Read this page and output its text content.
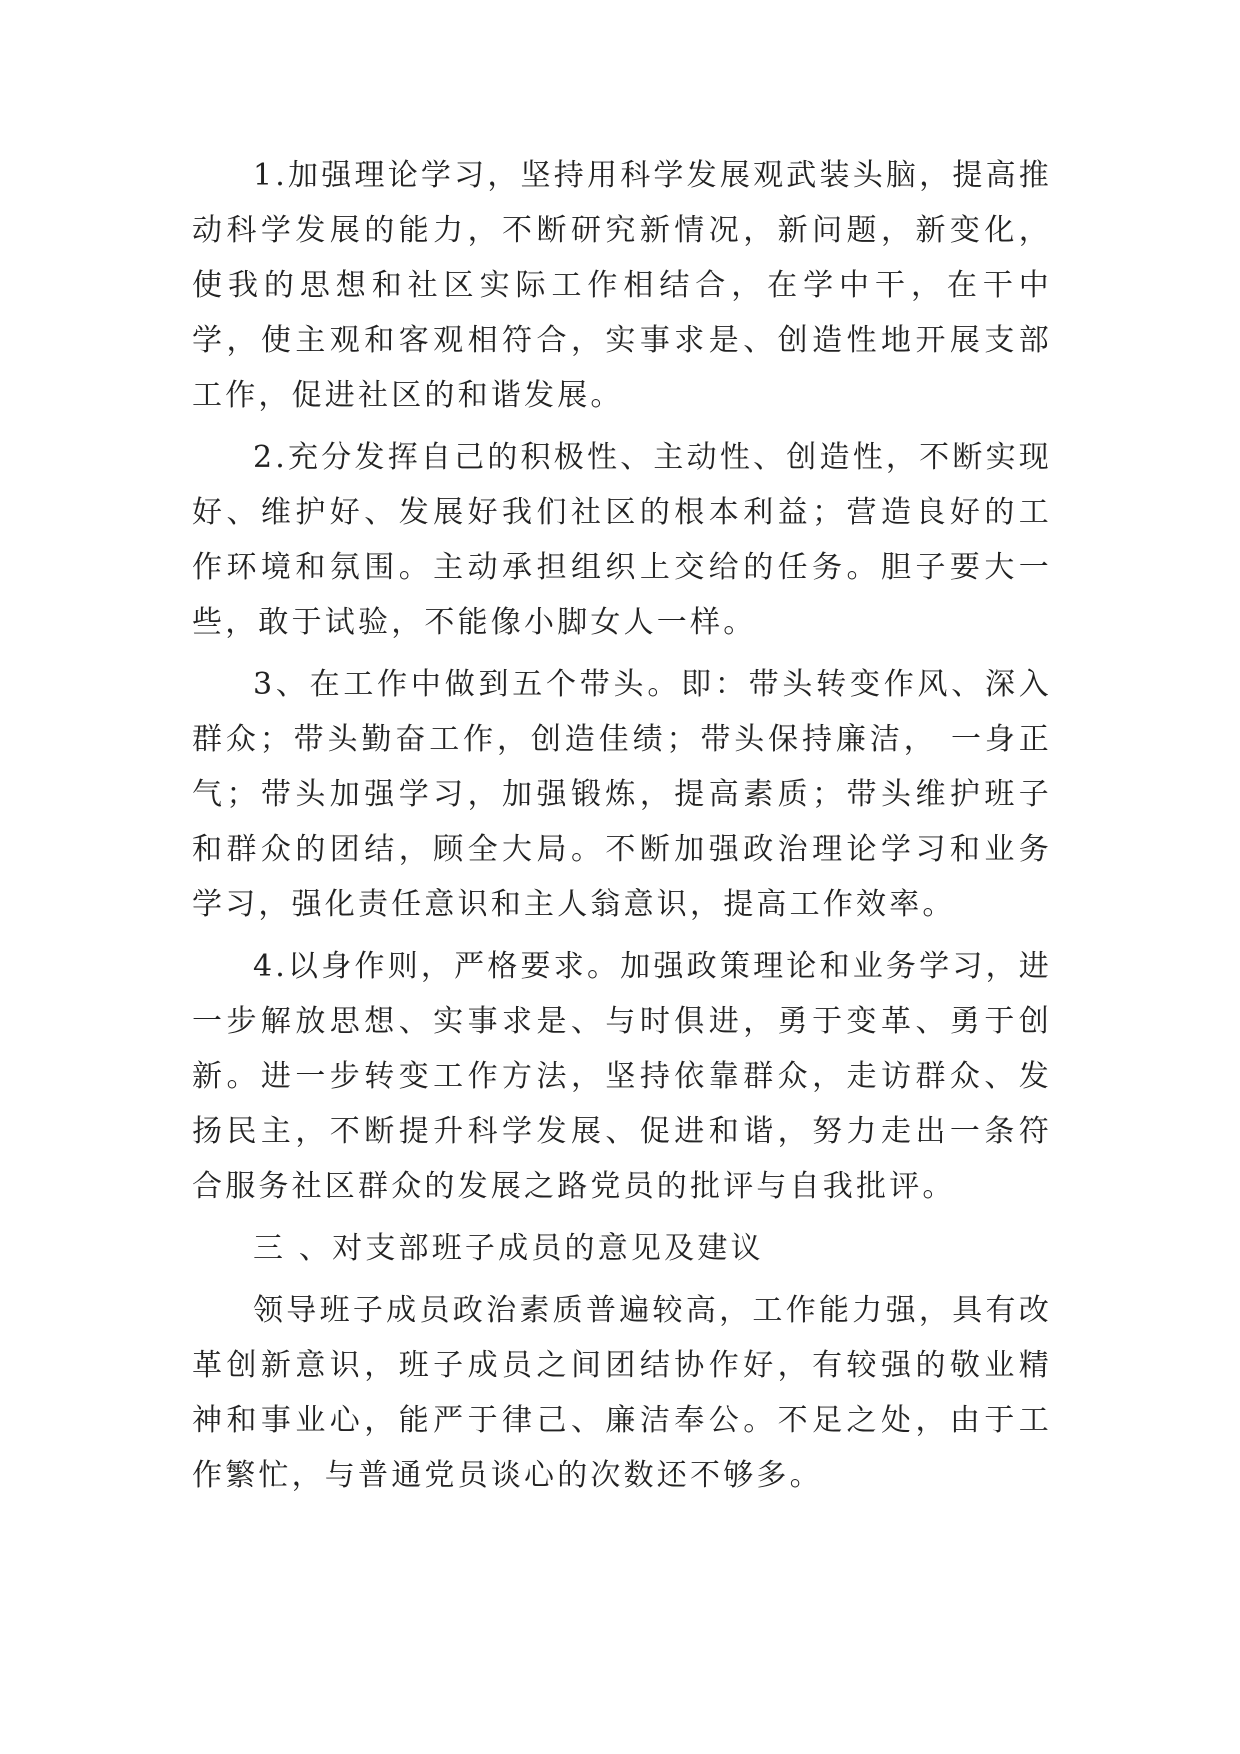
1.加强理论学习，坚持用科学发展观武装头脑，提高推动科学发展的能力，不断研究新情况，新问题，新变化，使我的思想和社区实际工作相结合，在学中干，在干中学，使主观和客观相符合，实事求是、创造性地开展支部工作，促进社区的和谐发展。

2.充分发挥自己的积极性、主动性、创造性，不断实现好、维护好、发展好我们社区的根本利益；营造良好的工作环境和氛围。主动承担组织上交给的任务。胆子要大一些，敢于试验，不能像小脚女人一样。

3、在工作中做到五个带头。即：带头转变作风、深入群众；带头勤奋工作，创造佳绩；带头保持廉洁， 一身正气；带头加强学习，加强锻炼，提高素质；带头维护班子和群众的团结，顾全大局。不断加强政治理论学习和业务学习，强化责任意识和主人翁意识，提高工作效率。

4.以身作则，严格要求。加强政策理论和业务学习，进一步解放思想、实事求是、与时俱进，勇于变革、勇于创新。进一步转变工作方法，坚持依靠群众，走访群众、发扬民主，不断提升科学发展、促进和谐，努力走出一条符合服务社区群众的发展之路党员的批评与自我批评。

三 、对支部班子成员的意见及建议

领导班子成员政治素质普遍较高，工作能力强，具有改革创新意识，班子成员之间团结协作好，有较强的敬业精神和事业心，能严于律己、廉洁奉公。不足之处，由于工作繁忙，与普通党员谈心的次数还不够多。
